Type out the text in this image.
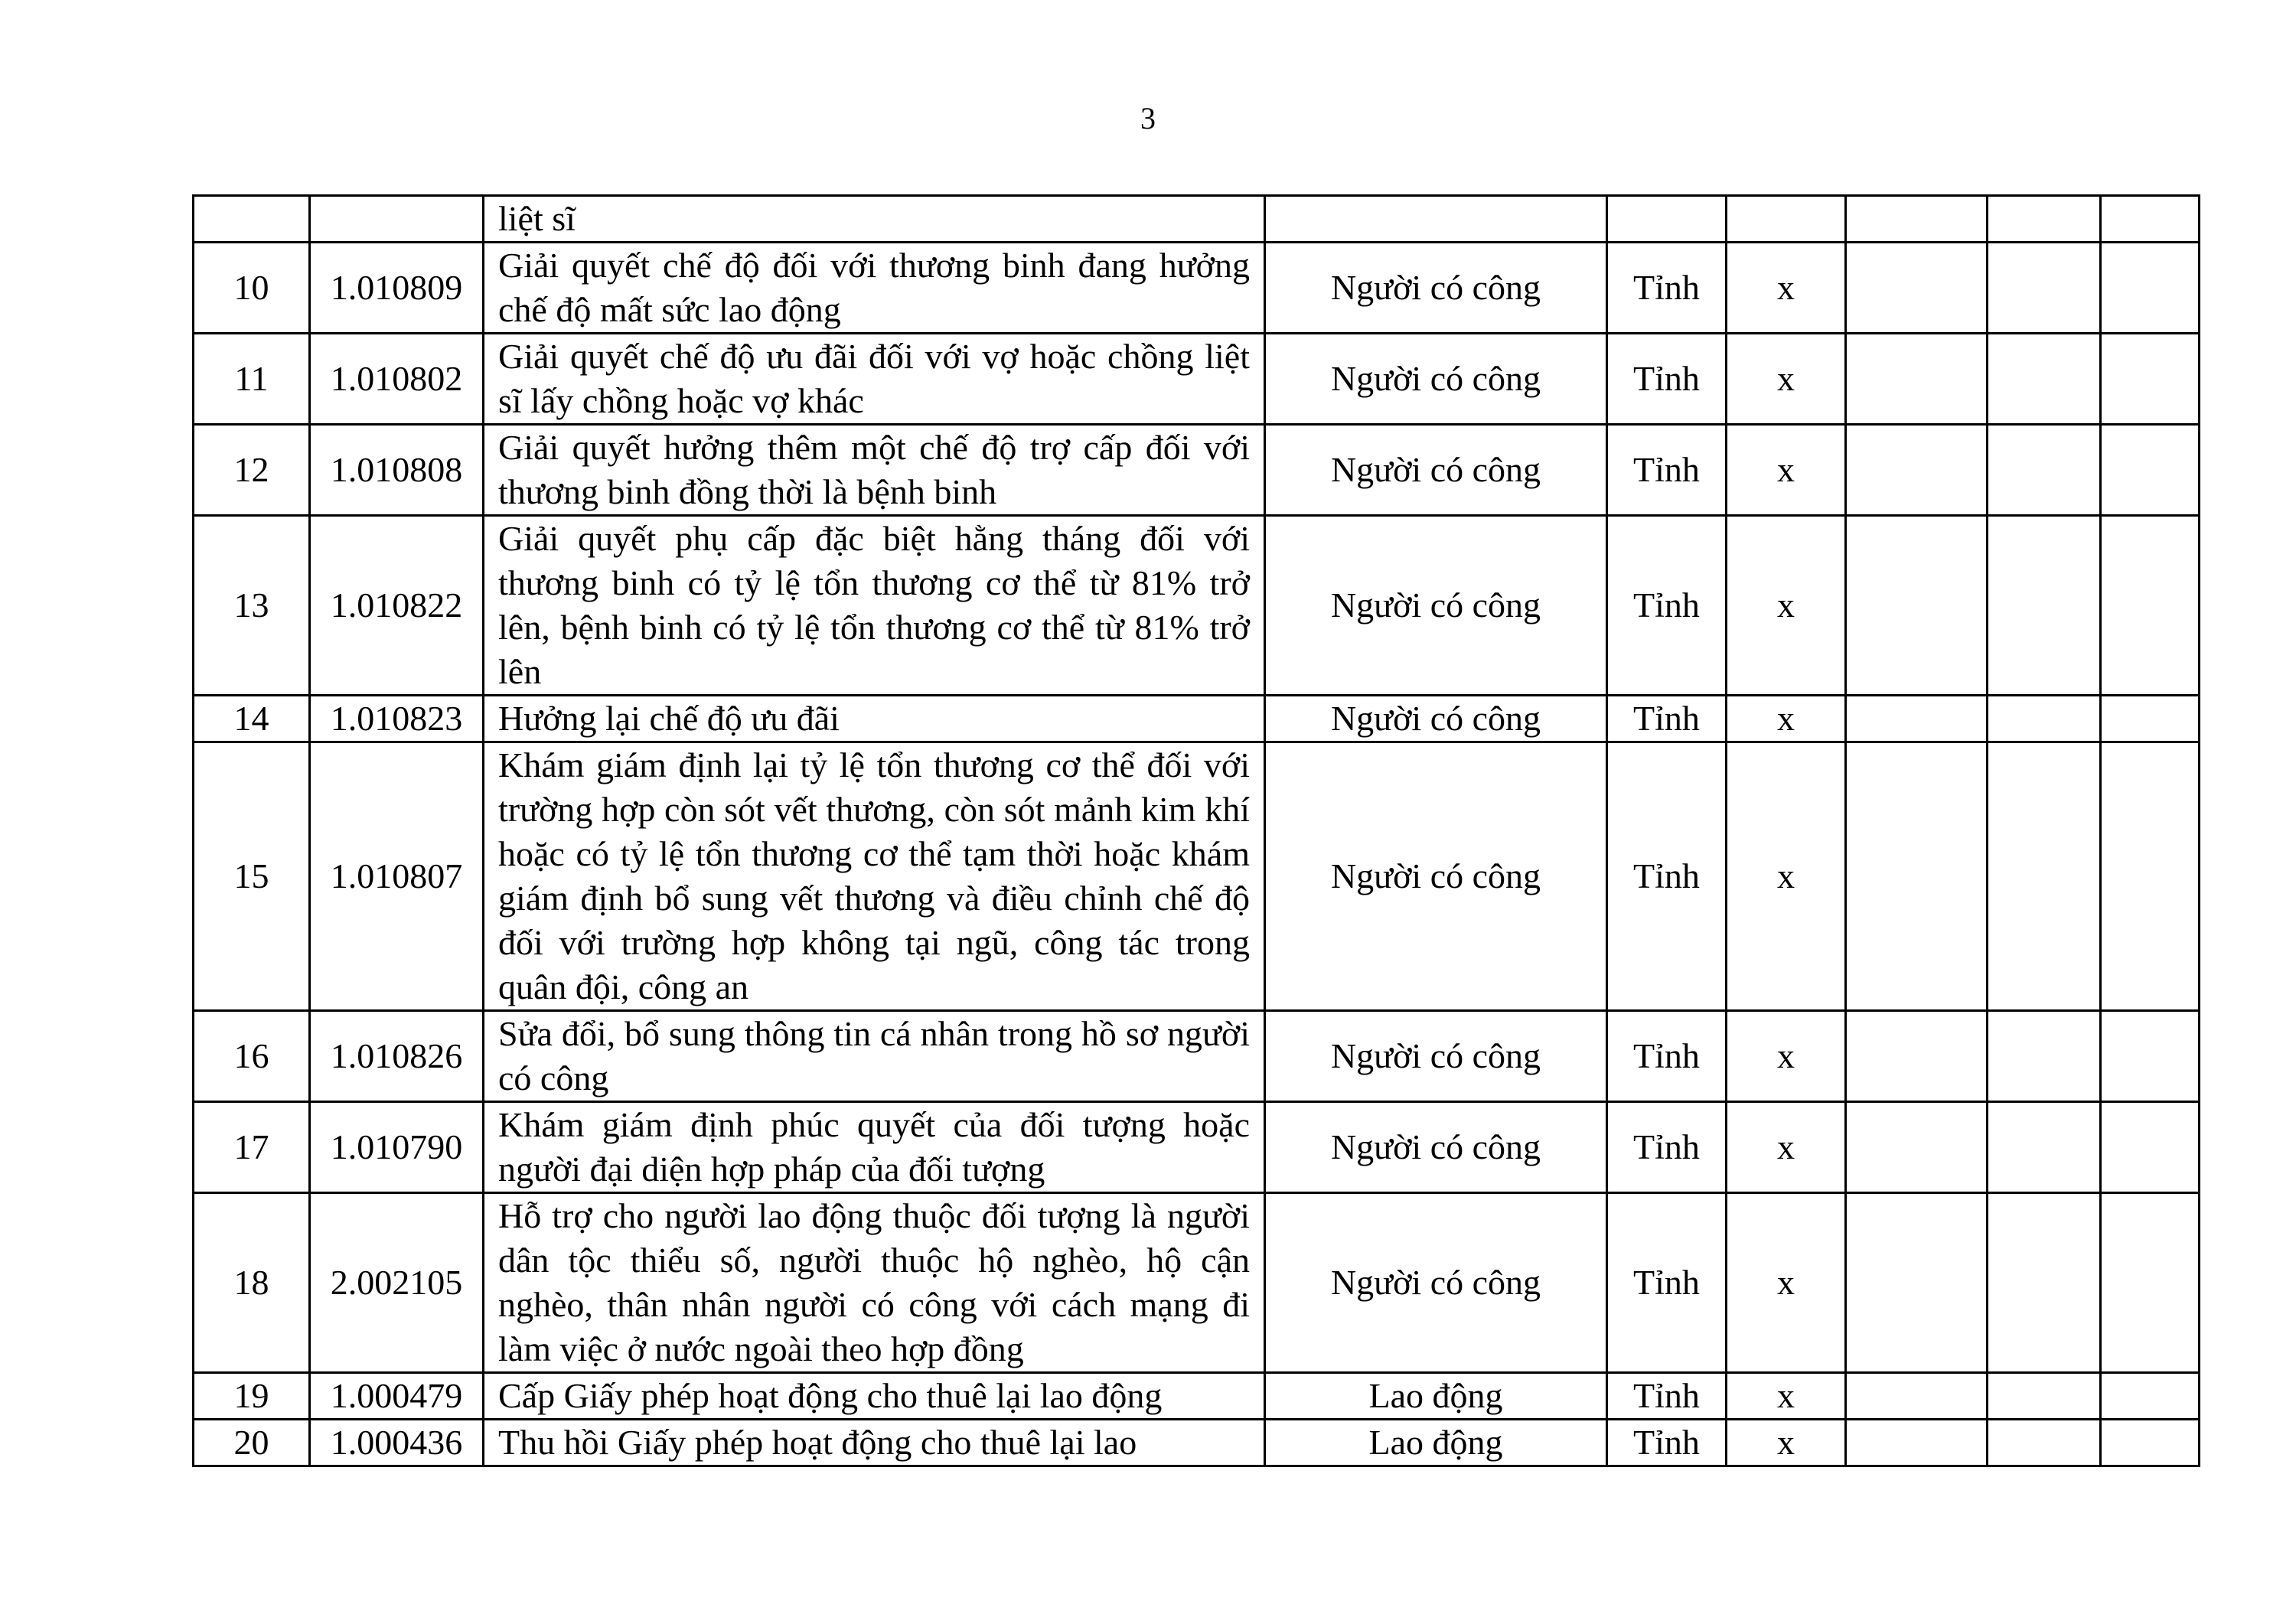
3
		liệt sĩ						
10	1.010809	Giải quyết chế độ đối với thương binh đang hưởng chế độ mất sức lao động	Người có công	Tỉnh	x			
11	1.010802	Giải quyết chế độ ưu đãi đối với vợ hoặc chồng liệt sĩ lấy chồng hoặc vợ khác	Người có công	Tỉnh	x			
12	1.010808	Giải quyết hưởng thêm một chế độ trợ cấp đối với thương binh đồng thời là bệnh binh	Người có công	Tỉnh	x			
13	1.010822	Giải quyết phụ cấp đặc biệt hằng tháng đối với thương binh có tỷ lệ tổn thương cơ thể từ 81% trở lên, bệnh binh có tỷ lệ tổn thương cơ thể từ 81% trở lên	Người có công	Tỉnh	x			
14	1.010823	Hưởng lại chế độ ưu đãi	Người có công	Tỉnh	x			
15	1.010807	Khám giám định lại tỷ lệ tổn thương cơ thể đối với trường hợp còn sót vết thương, còn sót mảnh kim khí hoặc có tỷ lệ tổn thương cơ thể tạm thời hoặc khám giám định bổ sung vết thương và điều chỉnh chế độ đối với trường hợp không tại ngũ, công tác trong quân đội, công an	Người có công	Tỉnh	x			
16	1.010826	Sửa đổi, bổ sung thông tin cá nhân trong hồ sơ người có công	Người có công	Tỉnh	x			
17	1.010790	Khám giám định phúc quyết của đối tượng hoặc người đại diện hợp pháp của đối tượng	Người có công	Tỉnh	x			
18	2.002105	Hỗ trợ cho người lao động thuộc đối tượng là người dân tộc thiểu số, người thuộc hộ nghèo, hộ cận nghèo, thân nhân người có công với cách mạng đi làm việc ở nước ngoài theo hợp đồng	Người có công	Tỉnh	x			
19	1.000479	Cấp Giấy phép hoạt động cho thuê lại lao động	Lao động	Tỉnh	x			
20	1.000436	Thu hồi Giấy phép hoạt động cho thuê lại lao	Lao động	Tỉnh	x			
